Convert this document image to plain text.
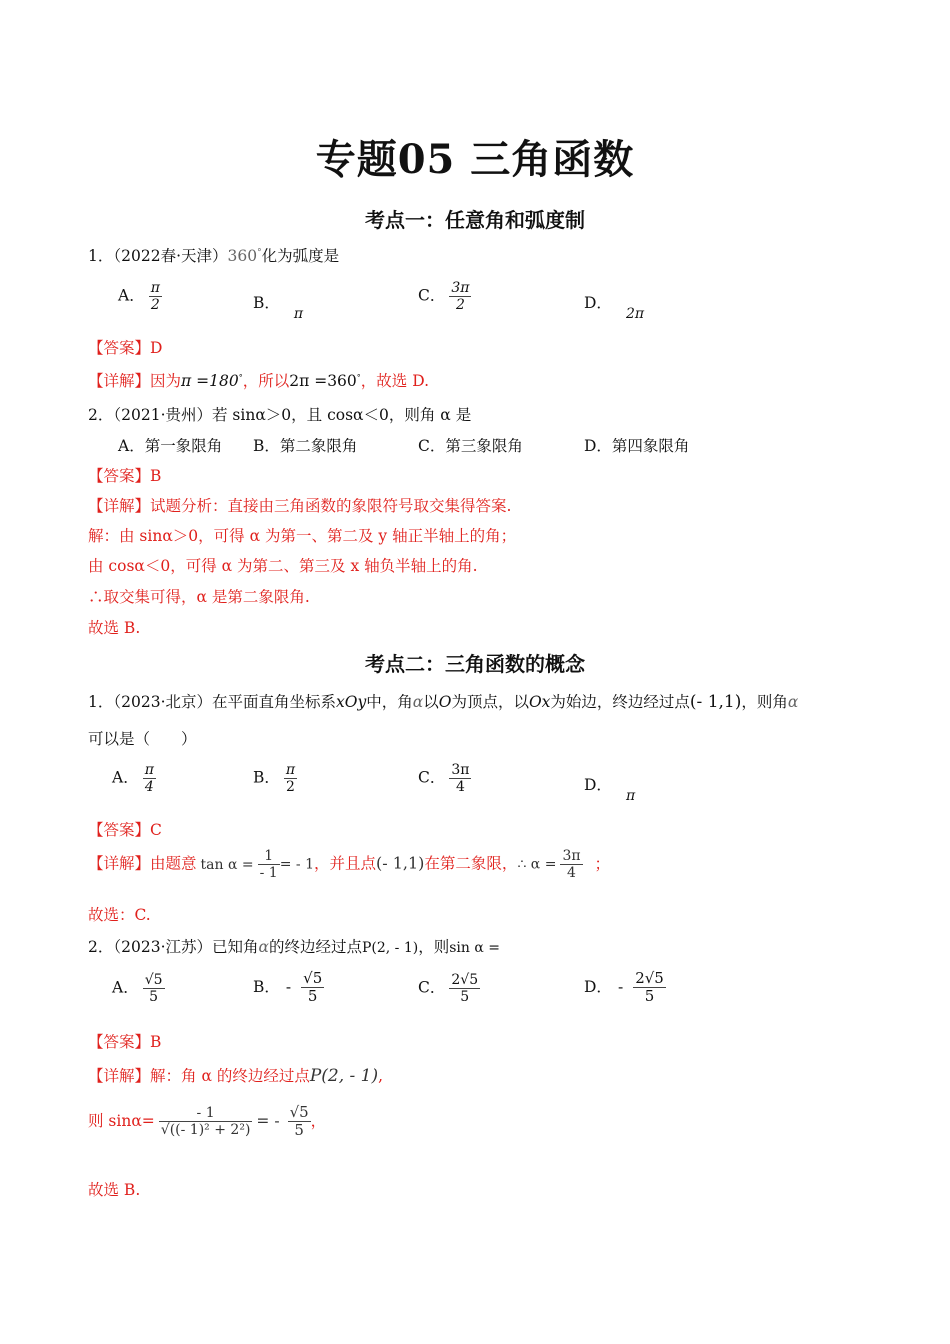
专题05 三角函数
考点一：任意角和弧度制
1．（2022春·天津）360°化为弧度是
A． $\frac{\pi}{2}$	B．π
C． $\frac{3\pi}{2}$	D．2π
【答案】D
【详解】因为π =180°，所以2π =360°，故选 D.
2．（2021·贵州）若 sinα＞0，且 cosα＜0，则角 α 是
A．第一象限角 B．第二象限角	C．第三象限角	D．第四象限角
【答案】B
【详解】试题分析：直接由三角函数的象限符号取交集得答案.
解：由 sinα＞0，可得 α 为第一、第二及 y 轴正半轴上的角；
由 cosα＜0，可得 α 为第二、第三及 x 轴负半轴上的角.
∴取交集可得，α 是第二象限角.
故选 B.
考点二：三角函数的概念
1．（2023·北京）在平面直角坐标系xOy中，角α以O为顶点，以Ox为始边，终边经过点(- 1,1)，则角α
可以是（　　）
A． $\frac{\pi}{4}$	B． $\frac{\pi}{2}$	C． $\frac{3\pi}{4}$	D．π
【答案】C
【详解】由题意 $\tan \alpha = \frac{1}{- 1}$ = - 1，并且点(- 1,1)在第二象限，∴ $\alpha = \frac{3\pi}{4}$ ；
故选：C.
2．（2023·江苏）已知角α的终边经过点P(2, - 1)，则sin α =
A． $\frac{√5}{5}$	B． - $\frac{√5}{5}$	C． $\frac{2√5}{5}$	D． - $\frac{2√5}{5}$
【答案】B
【详解】解：角 α 的终边经过点P(2, - 1),
则 $\sin\alpha= \frac{- 1}{\text{√((- 1)² + 2²)}}$ = - $\frac{√5}{5}$ ，
故选 B.
